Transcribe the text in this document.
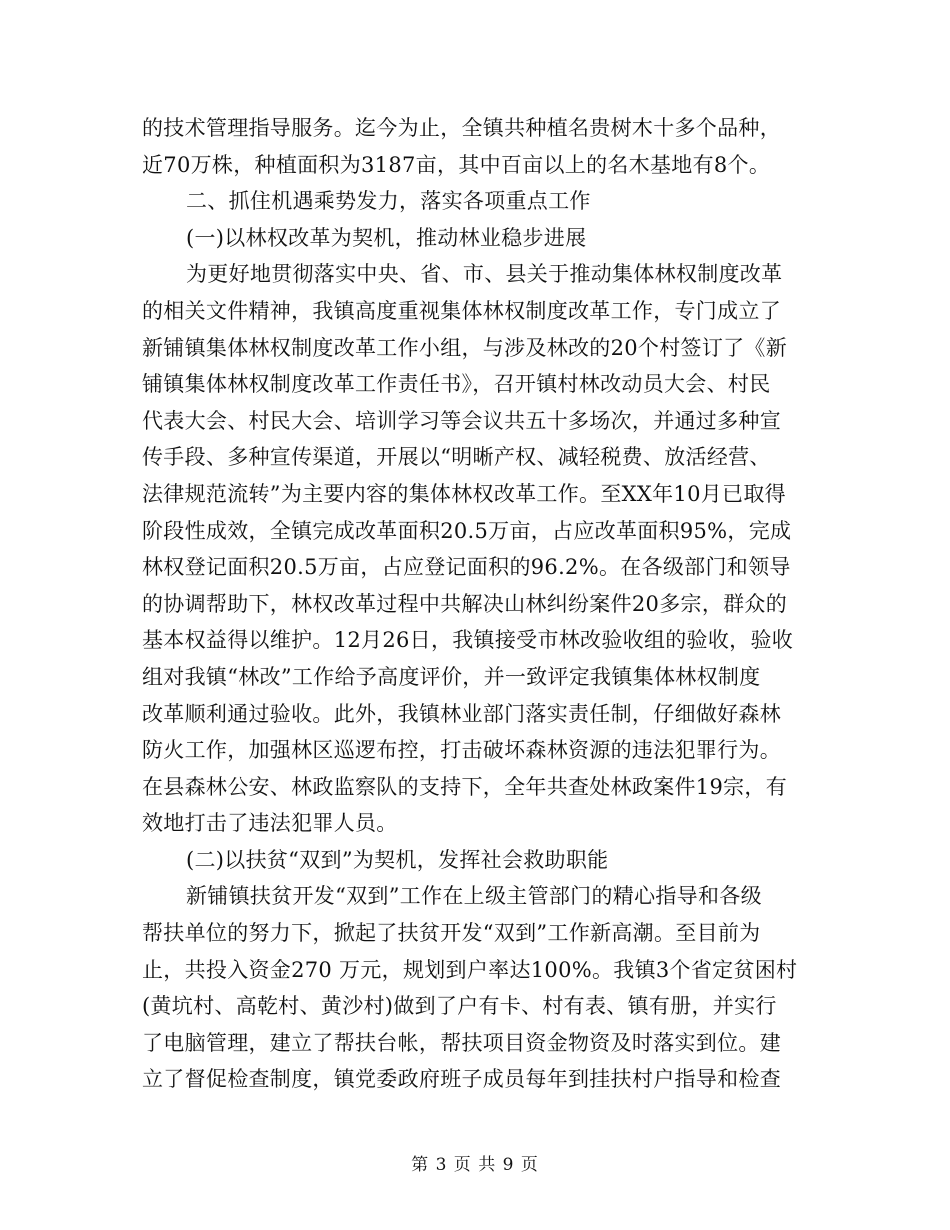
的技术管理指导服务。迄今为止，全镇共种植名贵树木十多个品种，
近70万株，种植面积为3187亩，其中百亩以上的名木基地有8个。
二、抓住机遇乘势发力，落实各项重点工作
(一)以林权改革为契机，推动林业稳步进展
为更好地贯彻落实中央、省、市、县关于推动集体林权制度改革
的相关文件精神，我镇高度重视集体林权制度改革工作，专门成立了
新铺镇集体林权制度改革工作小组，与涉及林改的20个村签订了《新
铺镇集体林权制度改革工作责任书》，召开镇村林改动员大会、村民
代表大会、村民大会、培训学习等会议共五十多场次，并通过多种宣
传手段、多种宣传渠道，开展以“明晰产权、减轻税费、放活经营、
法律规范流转”为主要内容的集体林权改革工作。至XX年10月已取得
阶段性成效，全镇完成改革面积20.5万亩，占应改革面积95%，完成
林权登记面积20.5万亩，占应登记面积的96.2%。在各级部门和领导
的协调帮助下，林权改革过程中共解决山林纠纷案件20多宗，群众的
基本权益得以维护。12月26日，我镇接受市林改验收组的验收，验收
组对我镇“林改”工作给予高度评价，并一致评定我镇集体林权制度
改革顺利通过验收。此外，我镇林业部门落实责任制，仔细做好森林
防火工作，加强林区巡逻布控，打击破坏森林资源的违法犯罪行为。
在县森林公安、林政监察队的支持下，全年共查处林政案件19宗，有
效地打击了违法犯罪人员。
(二)以扶贫“双到”为契机，发挥社会救助职能
新铺镇扶贫开发“双到”工作在上级主管部门的精心指导和各级
帮扶单位的努力下，掀起了扶贫开发“双到”工作新高潮。至目前为
止，共投入资金270 万元，规划到户率达100%。我镇3个省定贫困村
(黄坑村、高乾村、黄沙村)做到了户有卡、村有表、镇有册，并实行
了电脑管理，建立了帮扶台帐，帮扶项目资金物资及时落实到位。建
立了督促检查制度，镇党委政府班子成员每年到挂扶村户指导和检查
第 3 页 共 9 页
